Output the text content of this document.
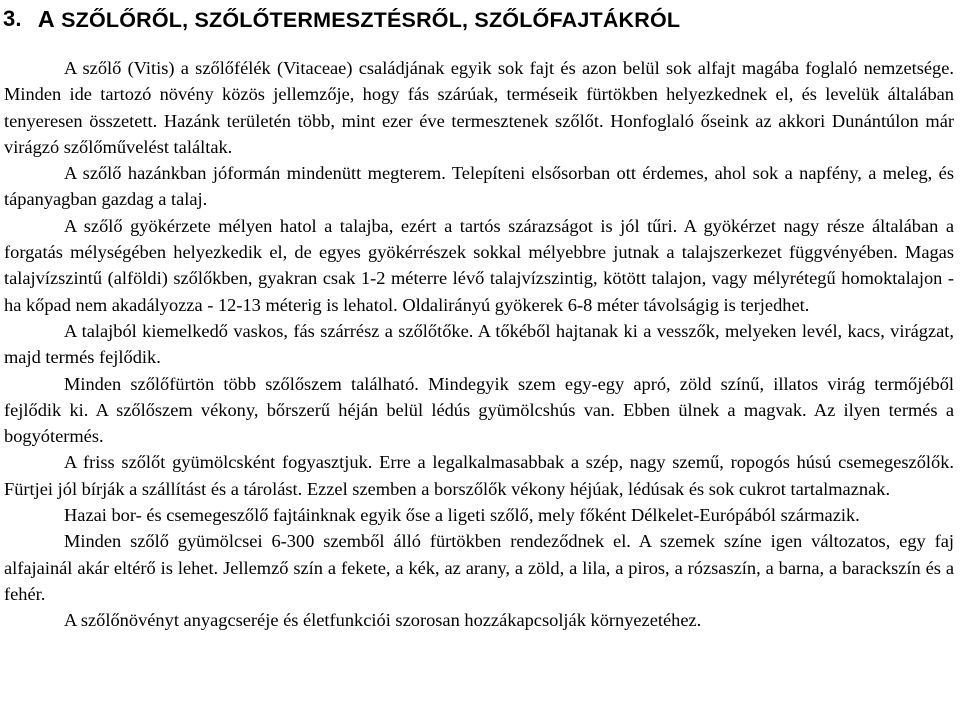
3. A SZŐLŐRŐL, SZŐLŐTERMESZTÉSRŐL, SZŐLŐFAJTÁKRÓL

A szőlő (Vitis) a szőlőfélék (Vitaceae) családjának egyik sok fajt és azon belül sok alfajt magába foglaló nemzetsége. Minden ide tartozó növény közös jellemzője, hogy fás szárúak, terméseik fürtökben helyezkednek el, és levelük általában tenyeresen összetett. Hazánk területén több, mint ezer éve termesztenek szőlőt. Honfoglaló őseink az akkori Dunántúlon már virágzó szőlőművelést találtak.

A szőlő hazánkban jóformán mindenütt megterem. Telepíteni elsősorban ott érdemes, ahol sok a napfény, a meleg, és tápanyagban gazdag a talaj.

A szőlő gyökérzete mélyen hatol a talajba, ezért a tartós szárazságot is jól tűri. A gyökérzet nagy része általában a forgatás mélységében helyezkedik el, de egyes gyökérrészek sokkal mélyebbre jutnak a talajszerkezet függvényében. Magas talajvízszintű (alföldi) szőlőkben, gyakran csak 1-2 méterre lévő talajvízszintig, kötött talajon, vagy mélyrétegű homoktalajon - ha kőpad nem akadályozza - 12-13 méterig is lehatol. Oldalirányú gyökerek 6-8 méter távolságig is terjedhet.

A talajból kiemelkedő vaskos, fás szárrész a szőlőtőke. A tőkéből hajtanak ki a vesszők, melyeken levél, kacs, virágzat, majd termés fejlődik.

Minden szőlőfürtön több szőlőszem található. Mindegyik szem egy-egy apró, zöld színű, illatos virág termőjéből fejlődik ki. A szőlőszem vékony, bőrszerű héján belül lédús gyümölcshús van. Ebben ülnek a magvak. Az ilyen termés a bogyótermés.

A friss szőlőt gyümölcsként fogyasztjuk. Erre a legalkalmasabbak a szép, nagy szemű, ropogós húsú csemegeszőlők. Fürtjei jól bírják a szállítást és a tárolást. Ezzel szemben a borszőlők vékony héjúak, lédúsak és sok cukrot tartalmaznak.

Hazai bor- és csemegeszőlő fajtáinknak egyik őse a ligeti szőlő, mely főként Délkelet-Európából származik.

Minden szőlő gyümölcsei 6-300 szemből álló fürtökben rendeződnek el. A szemek színe igen változatos, egy faj alfajainál akár eltérő is lehet. Jellemző szín a fekete, a kék, az arany, a zöld, a lila, a piros, a rózsaszín, a barna, a barackszín és a fehér.

A szőlőnövényt anyagcseréje és életfunkciói szorosan hozzákapcsolják környezetéhez.
